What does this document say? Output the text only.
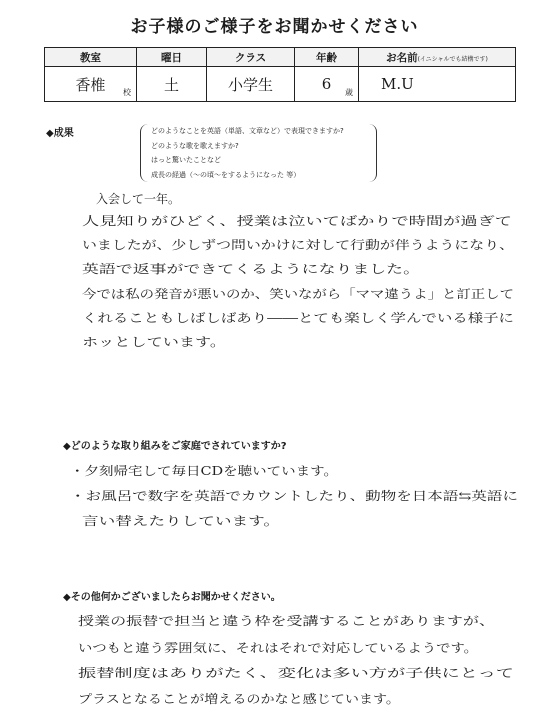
お子様のご様子をお聞かせください
教室	曜日	クラス	年齢	お名前(イニシャルでも結構です)
香椎 校	土	小学生	6 歳	M.U
◆成果	どのようなことを英語（単語、文章など）で表現できますか?
どのような歌を歌えますか?
はっと驚いたことなど
成長の経過（～の頃～をするようになった 等）
入会して一年。
人見知りがひどく、授業は泣いてばかりで時間が過ぎて
いましたが、少しずつ問いかけに対して行動が伴うようになり、
英語で返事ができてくるようになりました。
今では私の発音が悪いのか、笑いながら「ママ違うよ」と訂正して
くれることもしばしばあり――とても楽しく学んでいる様子に
ホッとしています。
◆どのような取り組みをご家庭でされていますか?
・夕刻帰宅して毎日CDを聴いています。
・お風呂で数字を英語でカウントしたり、動物を日本語⇆英語に
言い替えたりしています。
◆その他何かございましたらお聞かせください。
授業の振替で担当と違う枠を受講することがありますが、
いつもと違う雰囲気に、それはそれで対応しているようです。
振替制度はありがたく、変化は多い方が子供にとって
プラスとなることが増えるのかなと感じています。
